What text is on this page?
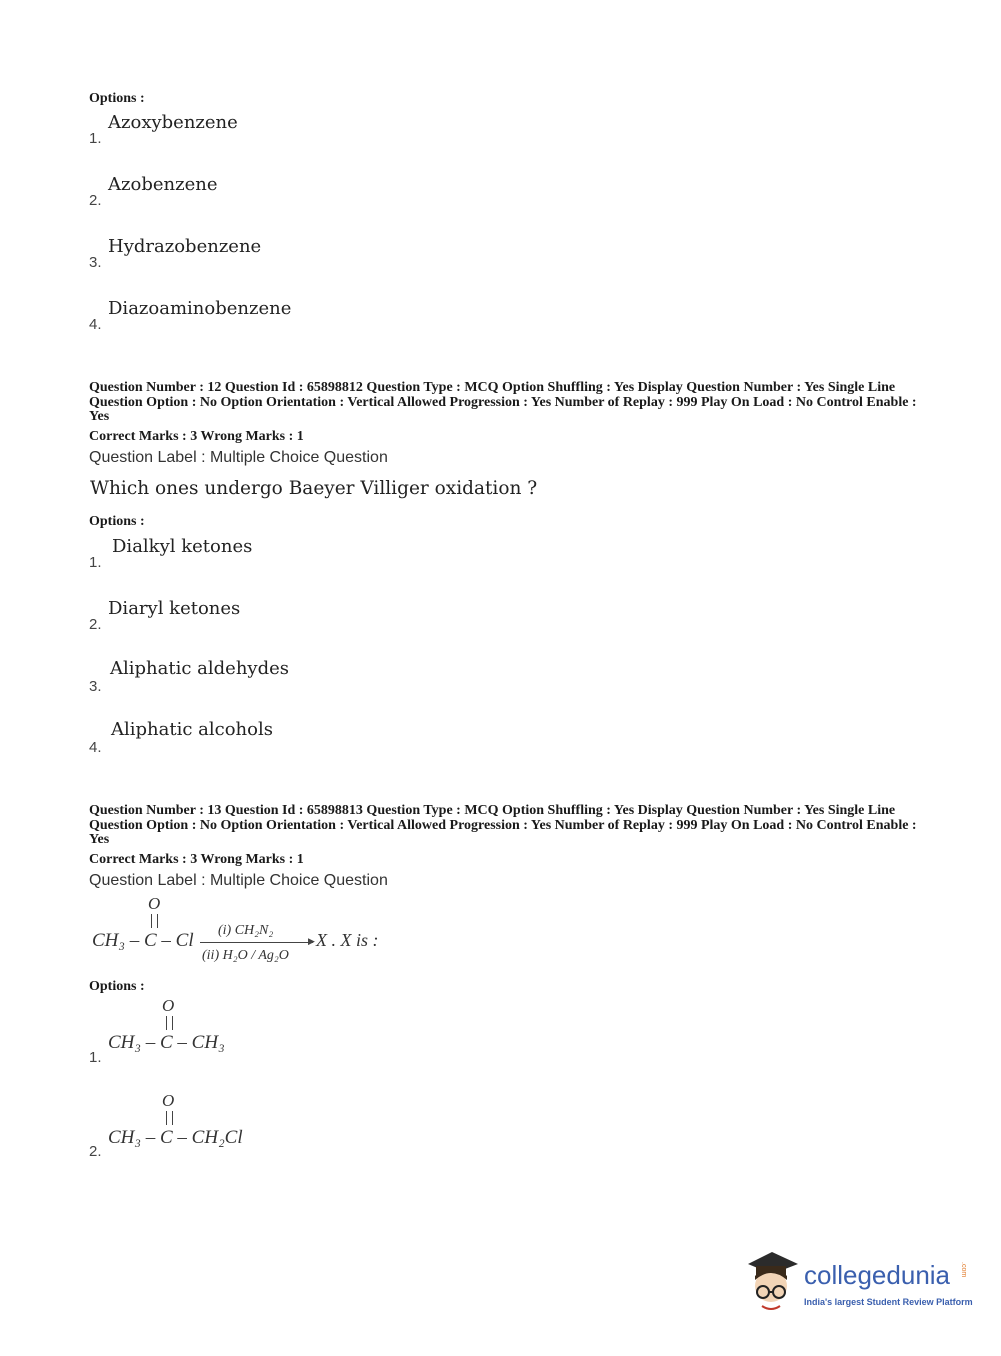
Options :
1.
Azoxybenzene
2.
Azobenzene
3.
Hydrazobenzene
4.
Diazoaminobenzene
Question Number : 12 Question Id : 65898812 Question Type : MCQ Option Shuffling : Yes Display Question Number : Yes Single Line Question Option : No Option Orientation : Vertical Allowed Progression : Yes Number of Replay : 999 Play On Load : No Control Enable : Yes
Correct Marks : 3 Wrong Marks : 1
Question Label : Multiple Choice Question
Which ones undergo Baeyer Villiger oxidation ?
Options :
1.
Dialkyl ketones
2.
Diaryl ketones
3.
Aliphatic aldehydes
4.
Aliphatic alcohols
Question Number : 13 Question Id : 65898813 Question Type : MCQ Option Shuffling : Yes Display Question Number : Yes Single Line Question Option : No Option Orientation : Vertical Allowed Progression : Yes Number of Replay : 999 Play On Load : No Control Enable : Yes
Correct Marks : 3 Wrong Marks : 1
Question Label : Multiple Choice Question
O
CH₃ – C – Cl	▶
(i) CH₂N₂
(ii) H₂O / Ag₂O
X . X is :
Options :
1.
O
CH₃ – C – CH₃
2.
O
CH₃ – C – CH₂Cl
collegedunia .com
India's largest Student Review Platform
